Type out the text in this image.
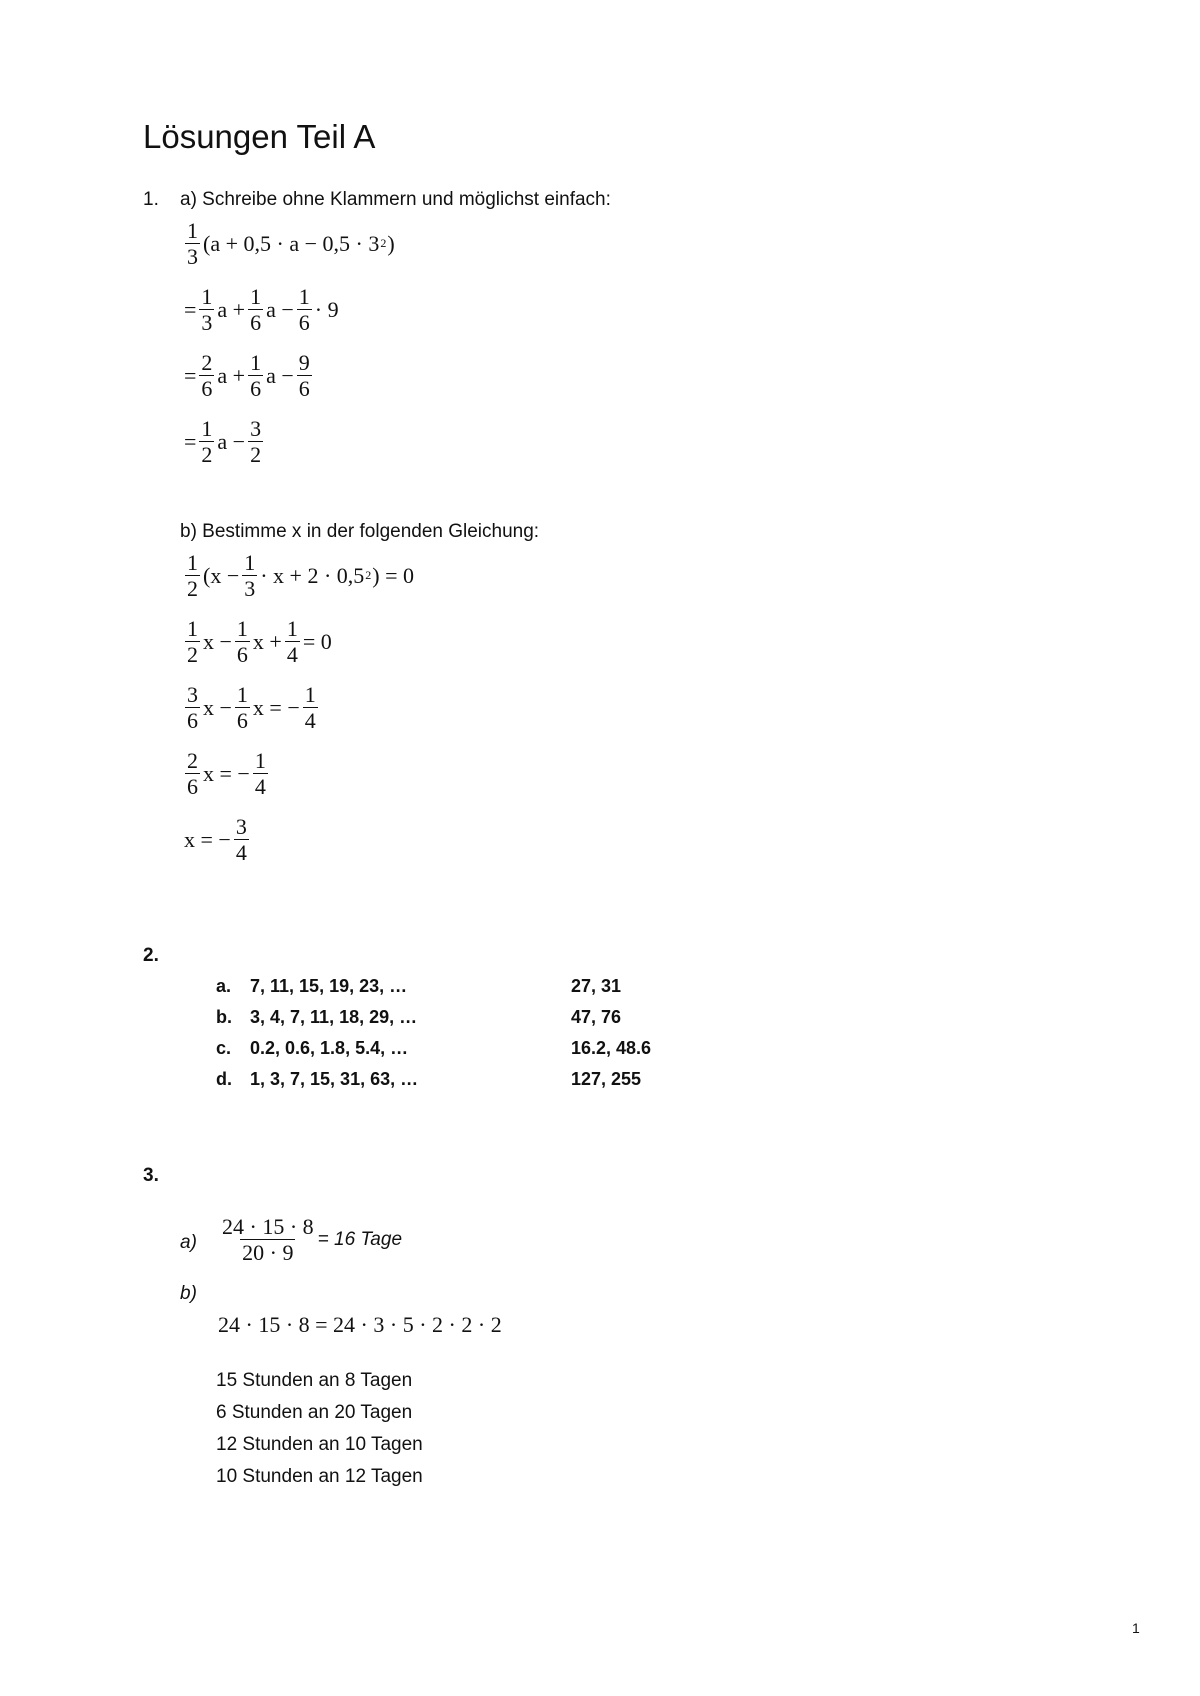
Lösungen Teil A
1. a) Schreibe ohne Klammern und möglichst einfach:
$\frac{1}{3} (a + 0,5 \cdot a - 0,5 \cdot 3$ 2 )
= $\frac{1}{3}$ $a + \frac{1}{6}$ $a - \frac{1}{6} \cdot 9$
= $\frac{2}{6}$ $a + \frac{1}{6}$ $a - \frac{9}{6}$
= $\frac{1}{2}$ $a - \frac{3}{2}$
b) Bestimme x in der folgenden Gleichung:
$\frac{1}{2} (x - \frac{1}{3} \cdot x + 2 \cdot 0,5$ 2 ) = 0
$\frac{1}{2}$ $x - \frac{1}{6}$ $x + \frac{1}{4} = 0$
$\frac{3}{6}$ $x - \frac{1}{6}$ x = − $\frac{1}{4}$
$\frac{2}{6}$ x = − $\frac{1}{4}$
x = − $\frac{3}{4}$
2.
a. 7, 11, 15, 19, 23, …	27, 31
b. 3, 4, 7, 11, 18, 29, …	47, 76
c. 0.2, 0.6, 1.8, 5.4, …	16.2, 48.6
d. 1, 3, 7, 15, 31, 63, …	127, 255
3.
$a) \frac{24 \cdot 15 \cdot 8}{20 \cdot 9} = 16$ Tage
b)
24 · 15 · 8 = 24 · 3 · 5 · 2 · 2 · 2
15 Stunden an 8 Tagen
6 Stunden an 20 Tagen
12 Stunden an 10 Tagen
10 Stunden an 12 Tagen
1
